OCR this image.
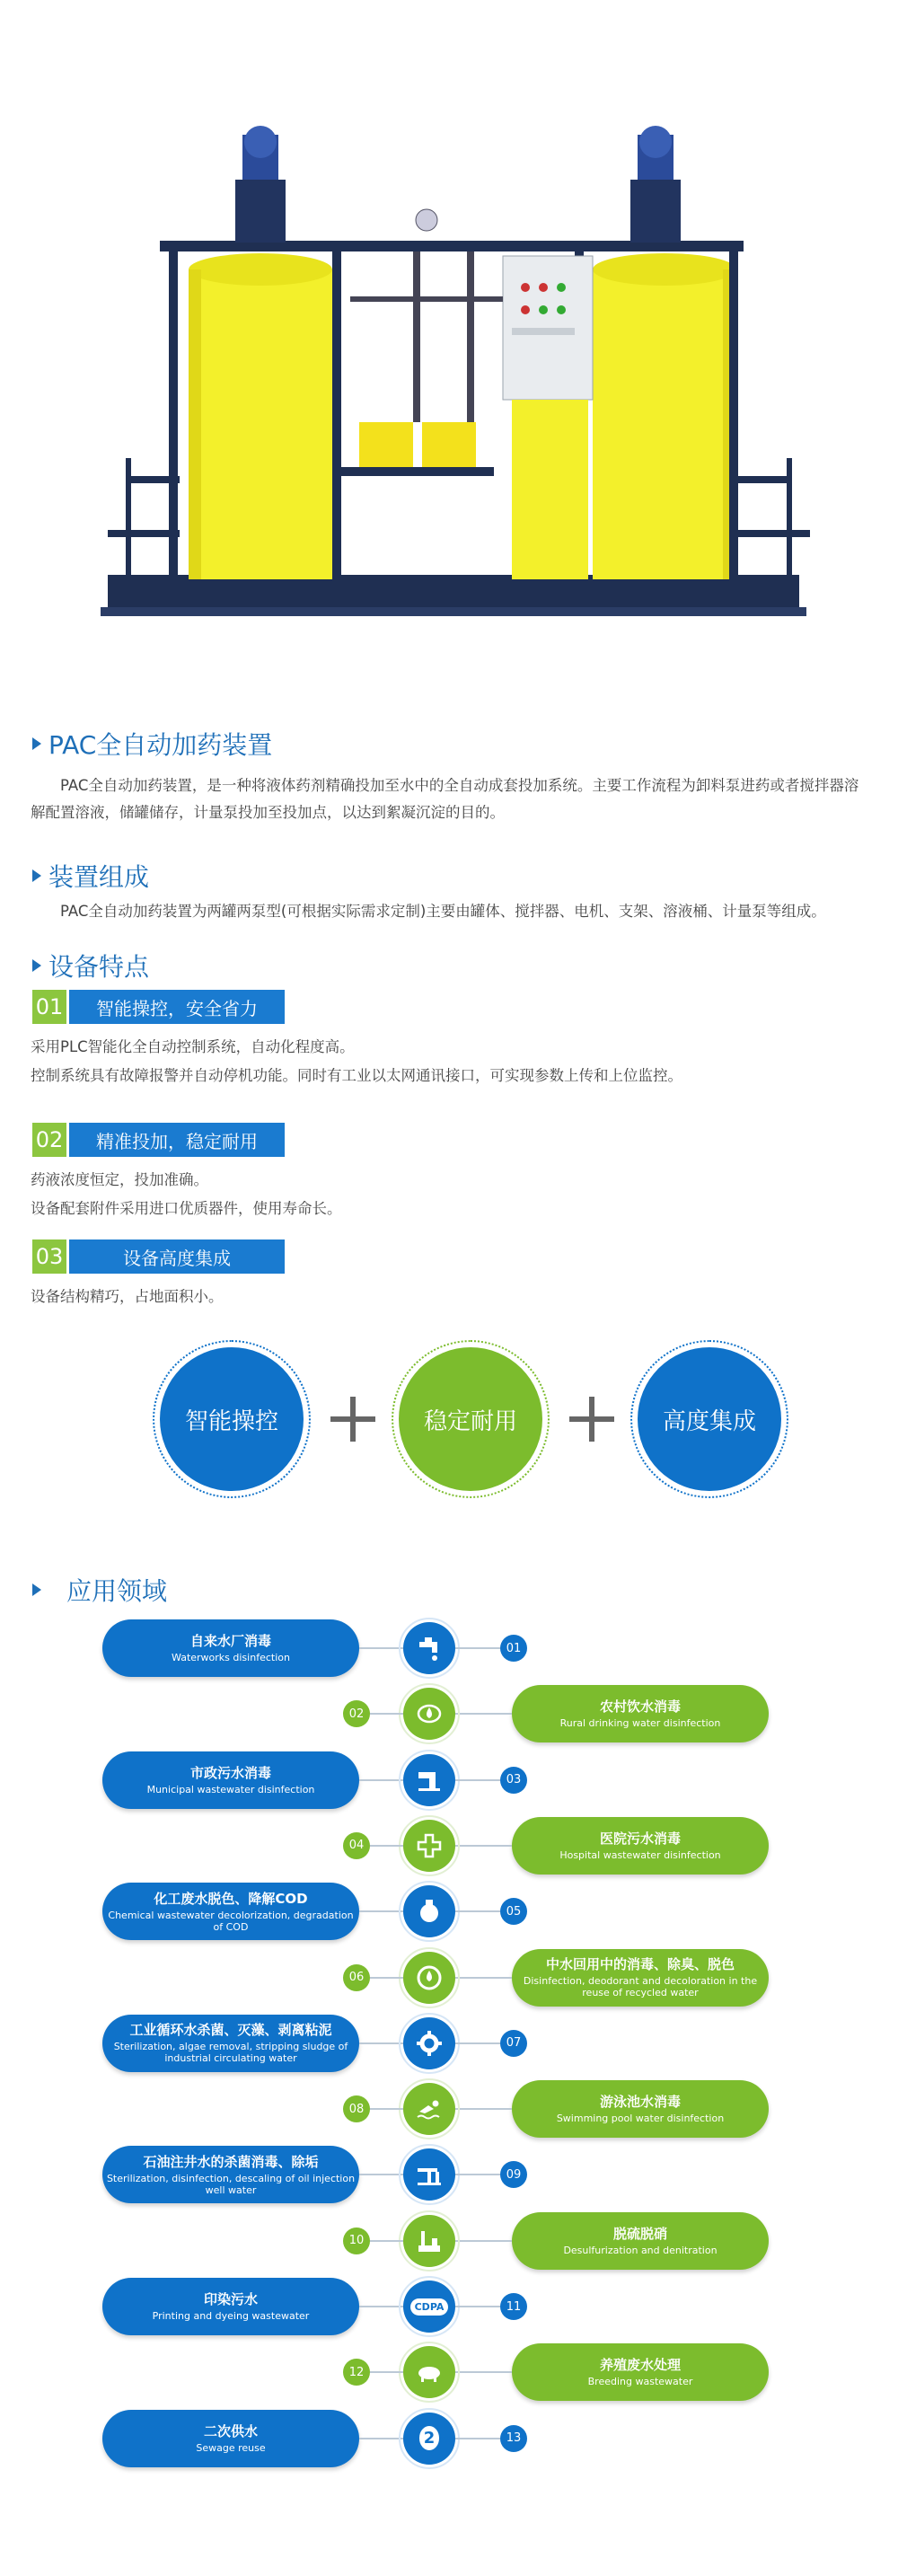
PAC全自动加药装置
PAC全自动加药装置，是一种将液体药剂精确投加至水中的全自动成套投加系统。主要工作流程为卸料泵进药或者搅拌器溶解配置溶液，储罐储存，计量泵投加至投加点，以达到絮凝沉淀的目的。
装置组成
PAC全自动加药装置为两罐两泵型(可根据实际需求定制)主要由罐体、搅拌器、电机、支架、溶液桶、计量泵等组成。
设备特点
01	智能操控，安全省力
采用PLC智能化全自动控制系统，自动化程度高。
控制系统具有故障报警并自动停机功能。同时有工业以太网通讯接口，可实现参数上传和上位监控。
02	精准投加，稳定耐用
药液浓度恒定，投加准确。
设备配套附件采用进口优质器件，使用寿命长。
03	设备高度集成
设备结构精巧，占地面积小。
智能操控	稳定耐用	高度集成
应用领域
自来水厂消毒
Waterworks disinfection
01
农村饮水消毒
Rural drinking water disinfection
02
市政污水消毒
Municipal wastewater disinfection
03
医院污水消毒
Hospital wastewater disinfection
04
化工废水脱色、降解COD
Chemical wastewater decolorization, degradation of COD
05
中水回用中的消毒、除臭、脱色
Disinfection, deodorant and decoloration in the reuse of recycled water
06
工业循环水杀菌、灭藻、剥离粘泥
Sterilization, algae removal, stripping sludge of industrial circulating water
07
游泳池水消毒
Swimming pool water disinfection
08
石油注井水的杀菌消毒、除垢
Sterilization, disinfection, descaling of oil injection well water
09
脱硫脱硝
Desulfurization and denitration
10
印染污水
Printing and dyeing wastewater
CDPA	11
养殖废水处理
Breeding wastewater
12
二次供水
Sewage reuse	2	13
